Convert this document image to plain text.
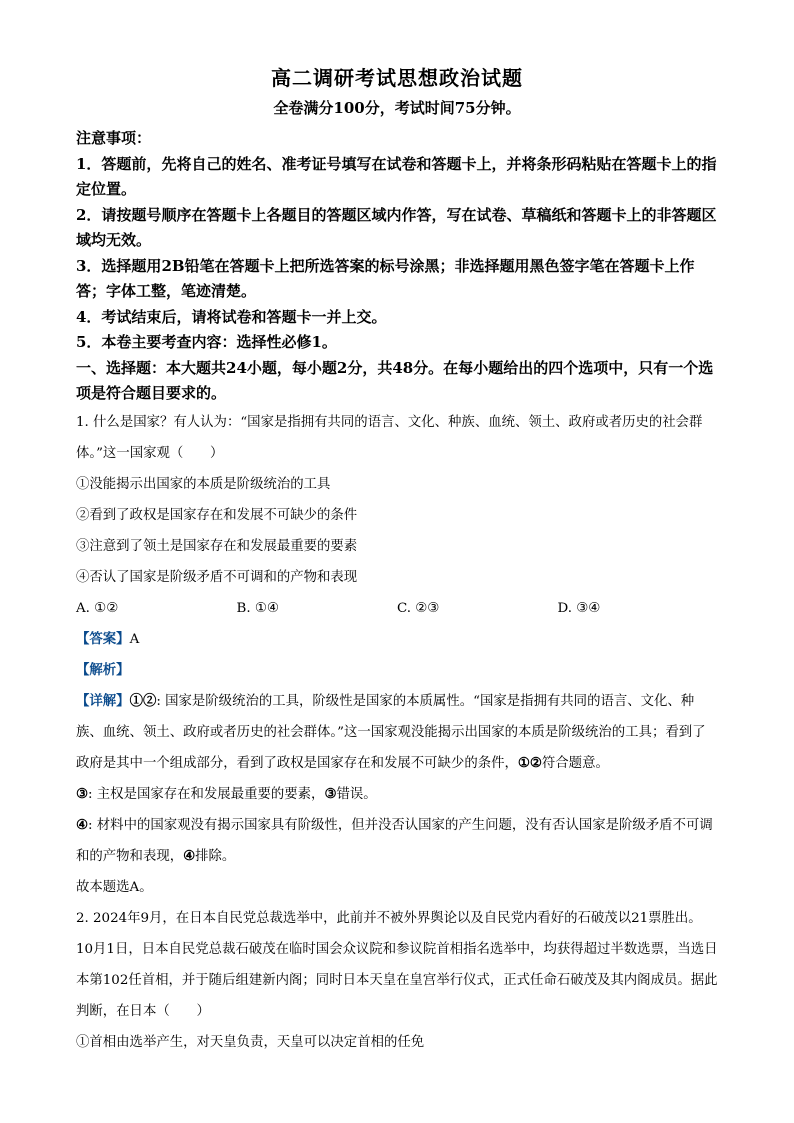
高二调研考试思想政治试题

全卷满分100分，考试时间75分钟。

注意事项：

1．答题前，先将自己的姓名、准考证号填写在试卷和答题卡上，并将条形码粘贴在答题卡上的指定位置。

2．请按题号顺序在答题卡上各题目的答题区域内作答，写在试卷、草稿纸和答题卡上的非答题区域均无效。

3．选择题用2B铅笔在答题卡上把所选答案的标号涂黑；非选择题用黑色签字笔在答题卡上作答；字体工整，笔迹清楚。

4．考试结束后，请将试卷和答题卡一并上交。

5．本卷主要考查内容：选择性必修1。

一、选择题：本大题共24小题，每小题2分，共48分。在每小题给出的四个选项中，只有一个选项是符合题目要求的。

1. 什么是国家？有人认为：“国家是指拥有共同的语言、文化、种族、血统、领土、政府或者历史的社会群体。”这一国家观（　　）

①没能揭示出国家的本质是阶级统治的工具

②看到了政权是国家存在和发展不可缺少的条件

③注意到了领土是国家存在和发展最重要的要素

④否认了国家是阶级矛盾不可调和的产物和表现

A. ①②	B. ①④	C. ②③	D. ③④

【答案】A

【解析】

【详解】①②: 国家是阶级统治的工具，阶级性是国家的本质属性。“国家是指拥有共同的语言、文化、种族、血统、领土、政府或者历史的社会群体。”这一国家观没能揭示出国家的本质是阶级统治的工具；看到了政府是其中一个组成部分，看到了政权是国家存在和发展不可缺少的条件，①②符合题意。

③: 主权是国家存在和发展最重要的要素，③错误。

④: 材料中的国家观没有揭示国家具有阶级性，但并没否认国家的产生问题，没有否认国家是阶级矛盾不可调和的产物和表现，④排除。

故本题选A。

2. 2024年9月，在日本自民党总裁选举中，此前并不被外界舆论以及自民党内看好的石破茂以21票胜出。10月1日，日本自民党总裁石破茂在临时国会众议院和参议院首相指名选举中，均获得超过半数选票，当选日本第102任首相，并于随后组建新内阁；同时日本天皇在皇宫举行仪式，正式任命石破茂及其内阁成员。据此判断，在日本（　　）

①首相由选举产生，对天皇负责，天皇可以决定首相的任免
